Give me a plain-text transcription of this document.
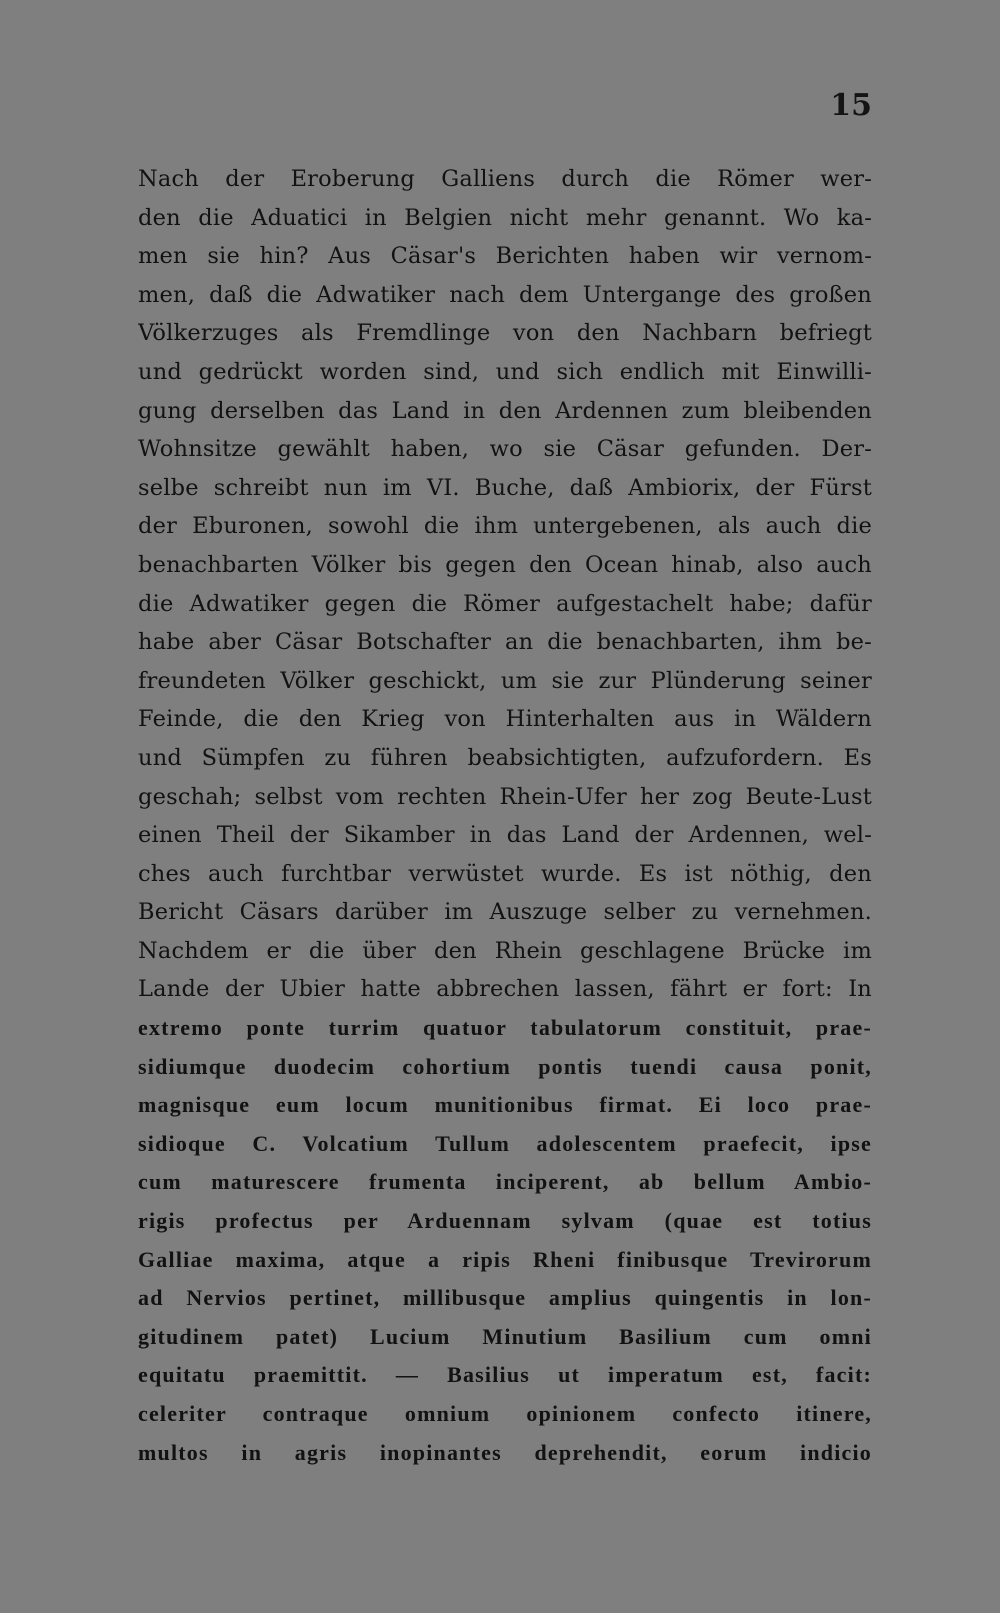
15
Nach der Eroberung Galliens durch die Römer wer-
den die Aduatici in Belgien nicht mehr genannt. Wo ka-
men sie hin? Aus Cäsar's Berichten haben wir vernom-
men, daß die Adwatiker nach dem Untergange des großen
Völkerzuges als Fremdlinge von den Nachbarn befriegt
und gedrückt worden sind, und sich endlich mit Einwilli-
gung derselben das Land in den Ardennen zum bleibenden
Wohnsitze gewählt haben, wo sie Cäsar gefunden. Der-
selbe schreibt nun im VI. Buche, daß Ambiorix, der Fürst
der Eburonen, sowohl die ihm untergebenen, als auch die
benachbarten Völker bis gegen den Ocean hinab, also auch
die Adwatiker gegen die Römer aufgestachelt habe; dafür
habe aber Cäsar Botschafter an die benachbarten, ihm be-
freundeten Völker geschickt, um sie zur Plünderung seiner
Feinde, die den Krieg von Hinterhalten aus in Wäldern
und Sümpfen zu führen beabsichtigten, aufzufordern. Es
geschah; selbst vom rechten Rhein-Ufer her zog Beute-Lust
einen Theil der Sikamber in das Land der Ardennen, wel-
ches auch furchtbar verwüstet wurde. Es ist nöthig, den
Bericht Cäsars darüber im Auszuge selber zu vernehmen.
Nachdem er die über den Rhein geschlagene Brücke im
Lande der Ubier hatte abbrechen lassen, fährt er fort: In
extremo ponte turrim quatuor tabulatorum constituit, prae-
sidiumque duodecim cohortium pontis tuendi causa ponit,
magnisque eum locum munitionibus firmat. Ei loco prae-
sidioque C. Volcatium Tullum adolescentem praefecit, ipse
cum maturescere frumenta inciperent, ab bellum Ambio-
rigis profectus per Arduennam sylvam (quae est totius
Galliae maxima, atque a ripis Rheni finibusque Trevirorum
ad Nervios pertinet, millibusque amplius quingentis in lon-
gitudinem patet) Lucium Minutium Basilium cum omni
equitatu praemittit. — Basilius ut imperatum est, facit:
celeriter contraque omnium opinionem confecto itinere,
multos in agris inopinantes deprehendit, eorum indicio
